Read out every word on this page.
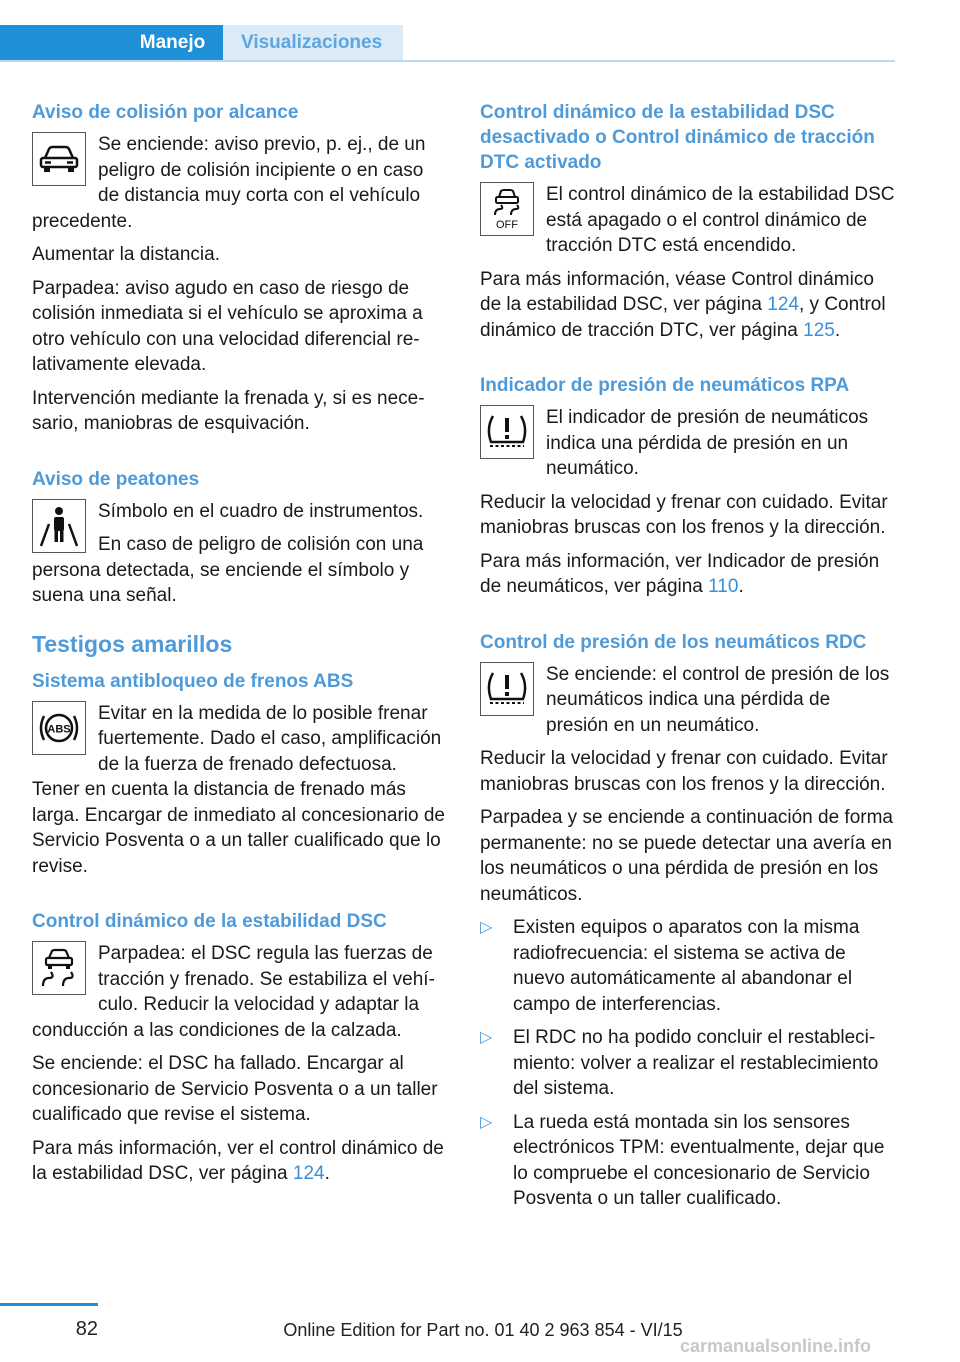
Manejo	Visualizaciones
Aviso de colisión por alcance

Se enciende: aviso previo, p. ej., de un peligro de colisión incipiente o en caso de distancia muy corta con el vehículo precedente.

Aumentar la distancia.

Parpadea: aviso agudo en caso de riesgo de colisión inmediata si el vehículo se aproxima a otro vehículo con una velocidad diferencial relativamente elevada.

Intervención mediante la frenada y, si es necesario, maniobras de esquivación.

Aviso de peatones

Símbolo en el cuadro de instrumentos.

En caso de peligro de colisión con una persona detectada, se enciende el símbolo y suena una señal.

Testigos amarillos
Sistema antibloqueo de frenos ABS
ABS

Evitar en la medida de lo posible frenar fuertemente. Dado el caso, amplificación de la fuerza de frenado defectuosa. Tener en cuenta la distancia de frenado más larga. Encargar de inmediato al concesionario de Servicio Posventa o a un taller cualificado que lo revise.

Control dinámico de la estabilidad DSC

Parpadea: el DSC regula las fuerzas de tracción y frenado. Se estabiliza el vehículo. Reducir la velocidad y adaptar la conducción a las condiciones de la calzada.

Se enciende: el DSC ha fallado. Encargar al concesionario de Servicio Posventa o a un taller cualificado que revise el sistema.

Para más información, ver el control dinámico de la estabilidad DSC, ver página 124.

Control dinámico de la estabilidad DSC desactivado o Control dinámico de tracción DTC activado
OFF

El control dinámico de la estabilidad DSC está apagado o el control dinámico de tracción DTC está encendido.

Para más información, véase Control dinámico de la estabilidad DSC, ver página 124, y Control dinámico de tracción DTC, ver página 125.

Indicador de presión de neumáticos RPA

El indicador de presión de neumáticos indica una pérdida de presión en un neumático.

Reducir la velocidad y frenar con cuidado. Evitar maniobras bruscas con los frenos y la dirección.

Para más información, ver Indicador de presión de neumáticos, ver página 110.

Control de presión de los neumáticos RDC

Se enciende: el control de presión de los neumáticos indica una pérdida de presión en un neumático.

Reducir la velocidad y frenar con cuidado. Evitar maniobras bruscas con los frenos y la dirección.

Parpadea y se enciende a continuación de forma permanente: no se puede detectar una avería en los neumáticos o una pérdida de presión en los neumáticos.

▷ Existen equipos o aparatos con la misma radiofrecuencia: el sistema se activa de nuevo automáticamente al abandonar el campo de interferencias.
▷ El RDC no ha podido concluir el restablecimiento: volver a realizar el restablecimiento del sistema.
▷ La rueda está montada sin los sensores electrónicos TPM: eventualmente, dejar que lo compruebe el concesionario de Servicio Posventa o un taller cualificado.
82	Online Edition for Part no. 01 40 2 963 854 - VI/15
carmanualsonline.info
